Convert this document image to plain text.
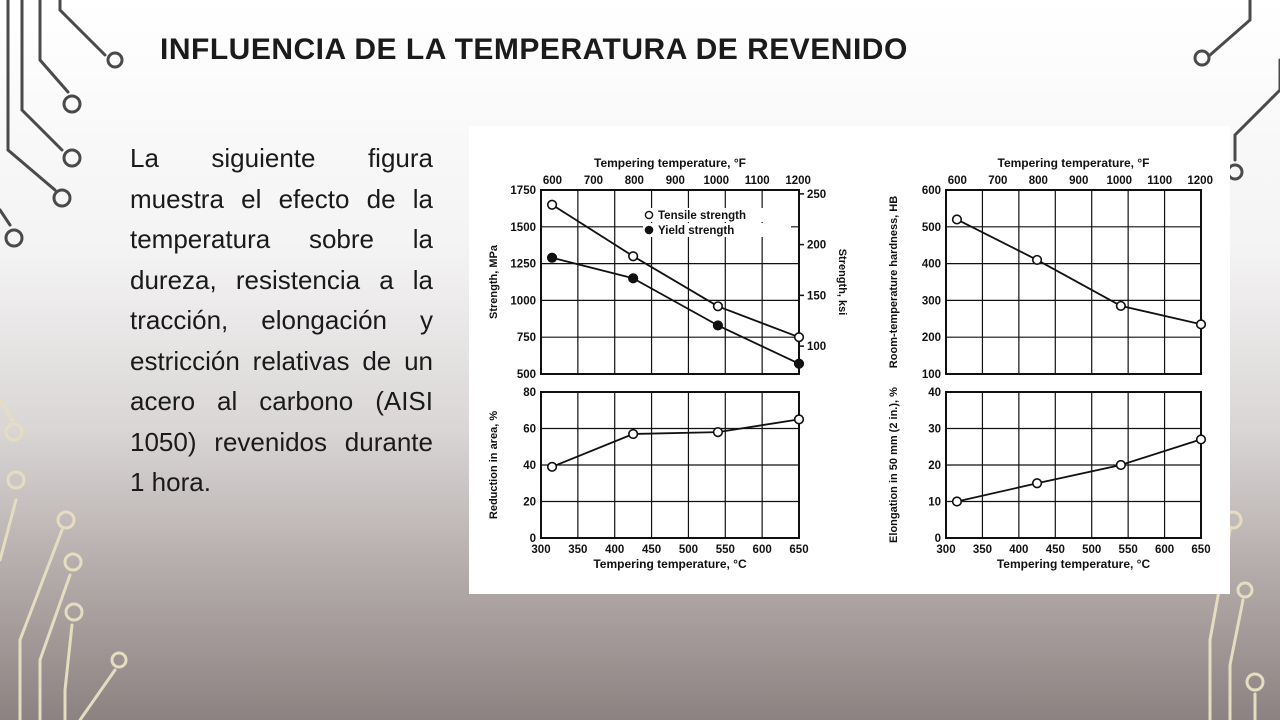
INFLUENCIA DE LA TEMPERATURA DE REVENIDO

La siguiente figura muestra el efecto de la temperatura sobre la dureza, resistencia a la tracción, elongación y estricción relativas de un acero al carbono (AISI 1050) revenidos durante 1 hora.

500
750
1000
1250
1500
1750
Strength, MPa
600 700 800 900 1000 1100 1200
Tempering temperature, °F
100
150
200
250
Strength, ksi
Tensile strength
Yield strength
0
20
40
60
80
Reduction in area, %
300 350 400 450 500 550 600 650
Tempering temperature, °C
100
200
300
400
500
600
Room-temperature hardness, HB
600 700 800 900 1000 1100 1200
Tempering temperature, °F
0
10
20
30
40
Elongation in 50 mm (2 in.), %
300 350 400 450 500 550 600 650
Tempering temperature, °C
